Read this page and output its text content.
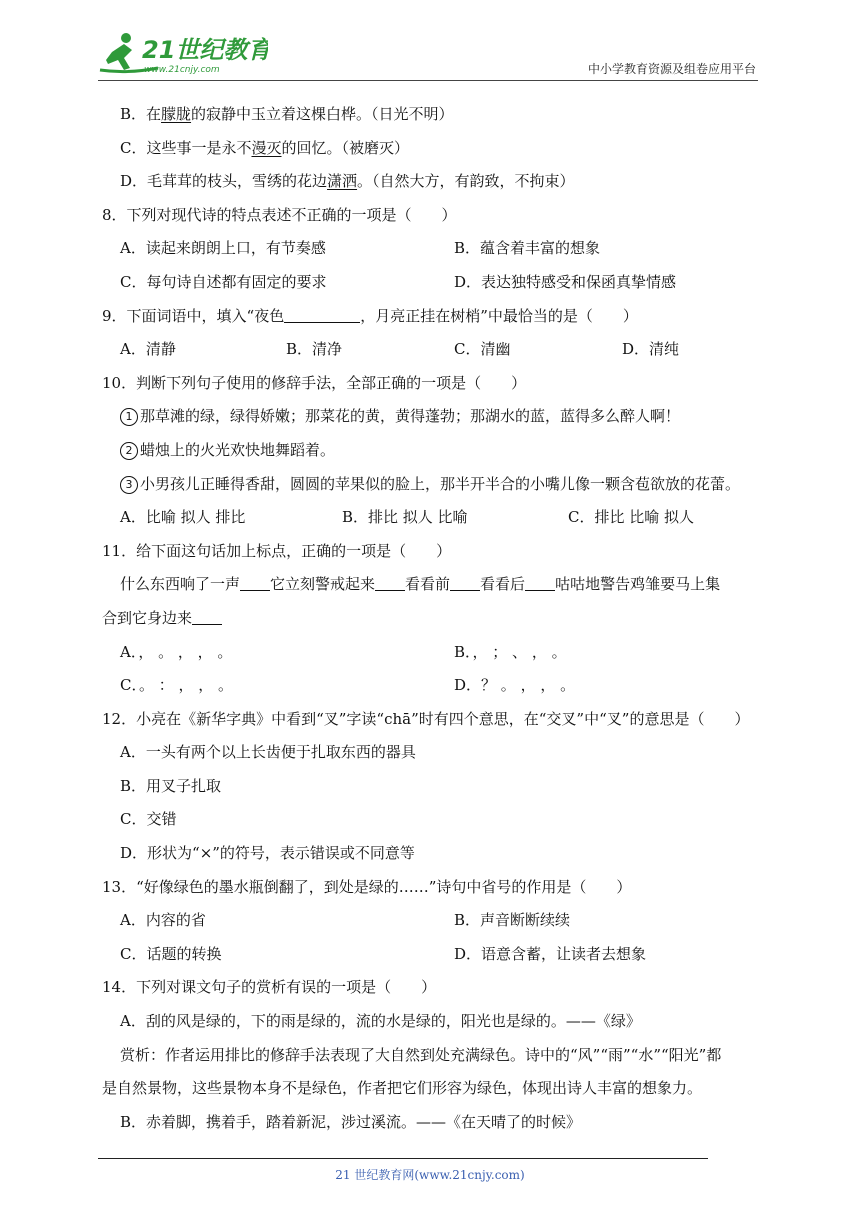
21世纪教育
www.21cnjy.com	中小学教育资源及组卷应用平台
B．在朦胧的寂静中玉立着这棵白桦。（日光不明）
C．这些事一是永不漫灭的回忆。（被磨灭）
D．毛茸茸的枝头，雪绣的花边潇洒。（自然大方，有韵致，不拘束）
8．下列对现代诗的特点表述不正确的一项是（　　）
A．读起来朗朗上口，有节奏感	B．蕴含着丰富的想象
C．每句诗自述都有固定的要求	D．表达独特感受和保函真挚情感
9．下面词语中，填入“夜色	，月亮正挂在树梢”中最恰当的是（　　）
A．清静	B．清净	C．清幽	D．清纯
10．判断下列句子使用的修辞手法，全部正确的一项是（　　）
1 那草滩的绿，绿得娇嫩；那菜花的黄，黄得蓬勃；那湖水的蓝，蓝得多么醉人啊！
2 蜡烛上的火光欢快地舞蹈着。
3 小男孩儿正睡得香甜，圆圆的苹果似的脸上，那半开半合的小嘴儿像一颗含苞欲放的花蕾。
A．比喻 拟人 排比	B．排比 拟人 比喻	C．排比 比喻 拟人
11．给下面这句话加上标点，正确的一项是（　　）
什么东西响了一声 它立刻警戒起来 看看前 看看后 咕咕地警告鸡雏要马上集
合到它身边来
A．， 。 ， ， 。	B．， ； 、 ， 。
C．。 ： ， ， 。	D．？ 。 ， ， 。
12．小亮在《新华字典》中看到“叉”字读“chā”时有四个意思，在“交叉”中“叉”的意思是（　　）
A．一头有两个以上长齿便于扎取东西的器具
B．用叉子扎取
C．交错
D．形状为“×”的符号，表示错误或不同意等
13．“好像绿色的墨水瓶倒翻了，到处是绿的……”诗句中省号的作用是（　　）
A．内容的省	B．声音断断续续
C．话题的转换	D．语意含蓄，让读者去想象
14．下列对课文句子的赏析有误的一项是（　　）
A．刮的风是绿的，下的雨是绿的，流的水是绿的，阳光也是绿的。——《绿》
赏析：作者运用排比的修辞手法表现了大自然到处充满绿色。诗中的“风”“雨”“水”“阳光”都
是自然景物，这些景物本身不是绿色，作者把它们形容为绿色，体现出诗人丰富的想象力。
B．赤着脚，携着手，踏着新泥，涉过溪流。——《在天晴了的时候》
21 世纪教育网(www.21cnjy.com)
